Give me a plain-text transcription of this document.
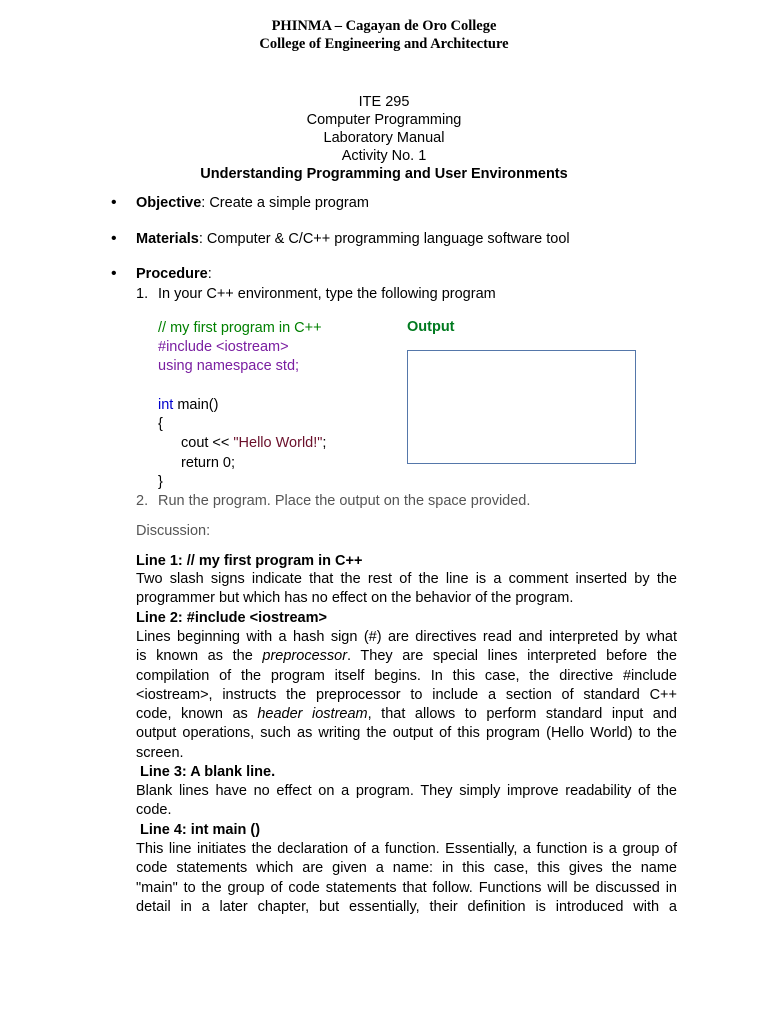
PHINMA – Cagayan de Oro College
College of Engineering and Architecture
ITE 295
Computer Programming
Laboratory Manual
Activity No. 1
Understanding Programming and User Environments
• Objective: Create a simple program
• Materials: Computer & C/C++ programming language software tool
• Procedure:
1. In your C++ environment, type the following program
// my first program in C++
#include <iostream>
using namespace std;
int main()
{
cout << "Hello World!";
return 0;
}
Output
2. Run the program. Place the output on the space provided.
Discussion:
Line 1: // my first program in C++
Two slash signs indicate that the rest of the line is a comment inserted by the
programmer but which has no effect on the behavior of the program.
Line 2: #include <iostream>
Lines beginning with a hash sign (#) are directives read and interpreted by what
is known as the preprocessor. They are special lines interpreted before the
compilation of the program itself begins. In this case, the directive #include
<iostream>, instructs the preprocessor to include a section of standard C++
code, known as header iostream, that allows to perform standard input and
output operations, such as writing the output of this program (Hello World) to the
screen.
Line 3: A blank line.
Blank lines have no effect on a program. They simply improve readability of the
code.
Line 4: int main ()
This line initiates the declaration of a function. Essentially, a function is a group of
code statements which are given a name: in this case, this gives the name
"main" to the group of code statements that follow. Functions will be discussed in
detail in a later chapter, but essentially, their definition is introduced with a
